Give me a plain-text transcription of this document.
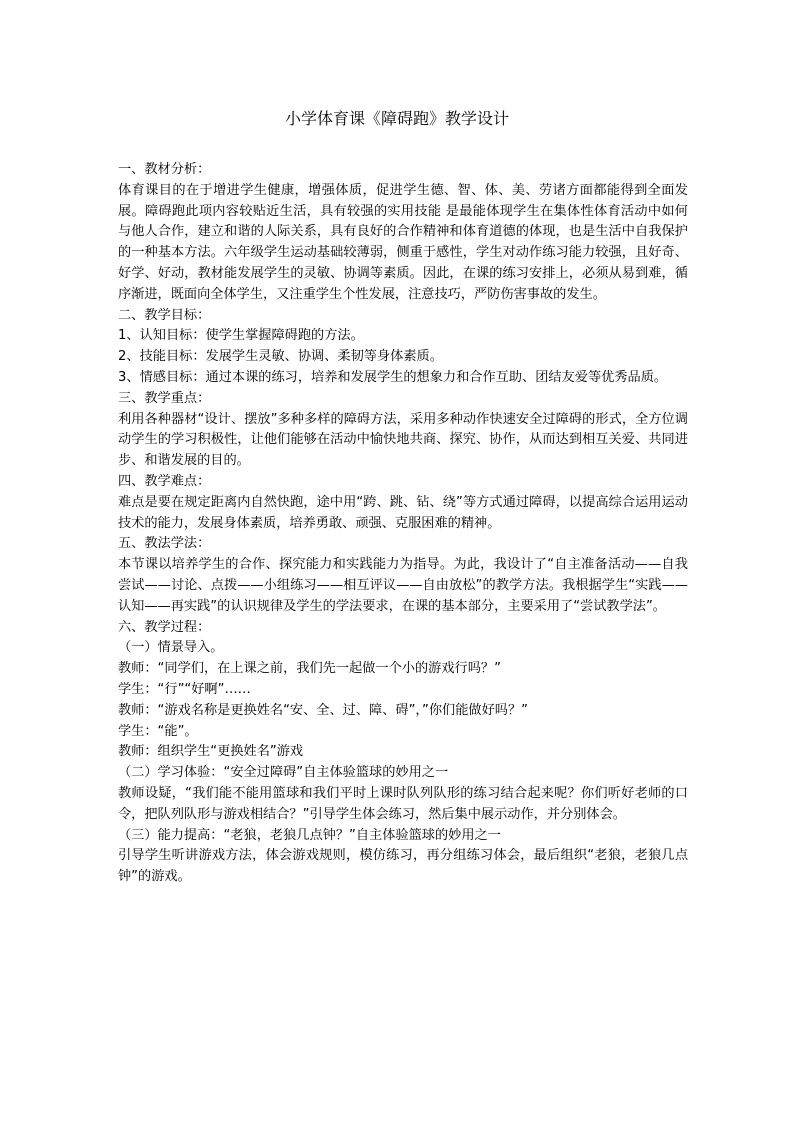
小学体育课《障碍跑》教学设计

一、教材分析：

体育课目的在于增进学生健康，增强体质，促进学生德、智、体、美、劳诸方面都能得到全面发展。障碍跑此项内容较贴近生活，具有较强的实用技能 是最能体现学生在集体性体育活动中如何与他人合作，建立和谐的人际关系，具有良好的合作精神和体育道德的体现，也是生活中自我保护的一种基本方法。六年级学生运动基础较薄弱，侧重于感性，学生对动作练习能力较强，且好奇、好学、好动，教材能发展学生的灵敏、协调等素质。因此，在课的练习安排上，必须从易到难，循序渐进，既面向全体学生，又注重学生个性发展，注意技巧，严防伤害事故的发生。

二、教学目标：

1、认知目标：使学生掌握障碍跑的方法。

2、技能目标：发展学生灵敏、协调、柔韧等身体素质。

3、情感目标：通过本课的练习，培养和发展学生的想象力和合作互助、团结友爱等优秀品质。

三、教学重点：

利用各种器材“设计、摆放”多种多样的障碍方法，采用多种动作快速安全过障碍的形式，全方位调动学生的学习积极性，让他们能够在活动中愉快地共商、探究、协作，从而达到相互关爱、共同进步、和谐发展的目的。

四、教学难点：

难点是要在规定距离内自然快跑，途中用“跨、跳、钻、绕”等方式通过障碍，以提高综合运用运动技术的能力，发展身体素质，培养勇敢、顽强、克服困难的精神。

五、教法学法：

本节课以培养学生的合作、探究能力和实践能力为指导。为此，我设计了“自主准备活动——自我尝试——讨论、点拨——小组练习——相互评议——自由放松”的教学方法。我根据学生“实践——认知——再实践”的认识规律及学生的学法要求，在课的基本部分，主要采用了“尝试教学法”。

六、教学过程：

（一）情景导入。

教师：“同学们，在上课之前，我们先一起做一个小的游戏行吗？”

学生：“行”“好啊”……

教师：“游戏名称是更换姓名“安、全、过、障、碍”，”你们能做好吗？”

学生：“能”。

教师：组织学生“更换姓名”游戏

（二）学习体验：“安全过障碍”自主体验篮球的妙用之一

教师设疑，“我们能不能用篮球和我们平时上课时队列队形的练习结合起来呢？你们听好老师的口令，把队列队形与游戏相结合？”引导学生体会练习，然后集中展示动作，并分别体会。

（三）能力提高：“老狼，老狼几点钟？”自主体验篮球的妙用之一

引导学生听讲游戏方法，体会游戏规则，模仿练习，再分组练习体会，最后组织“老狼，老狼几点钟”的游戏。
